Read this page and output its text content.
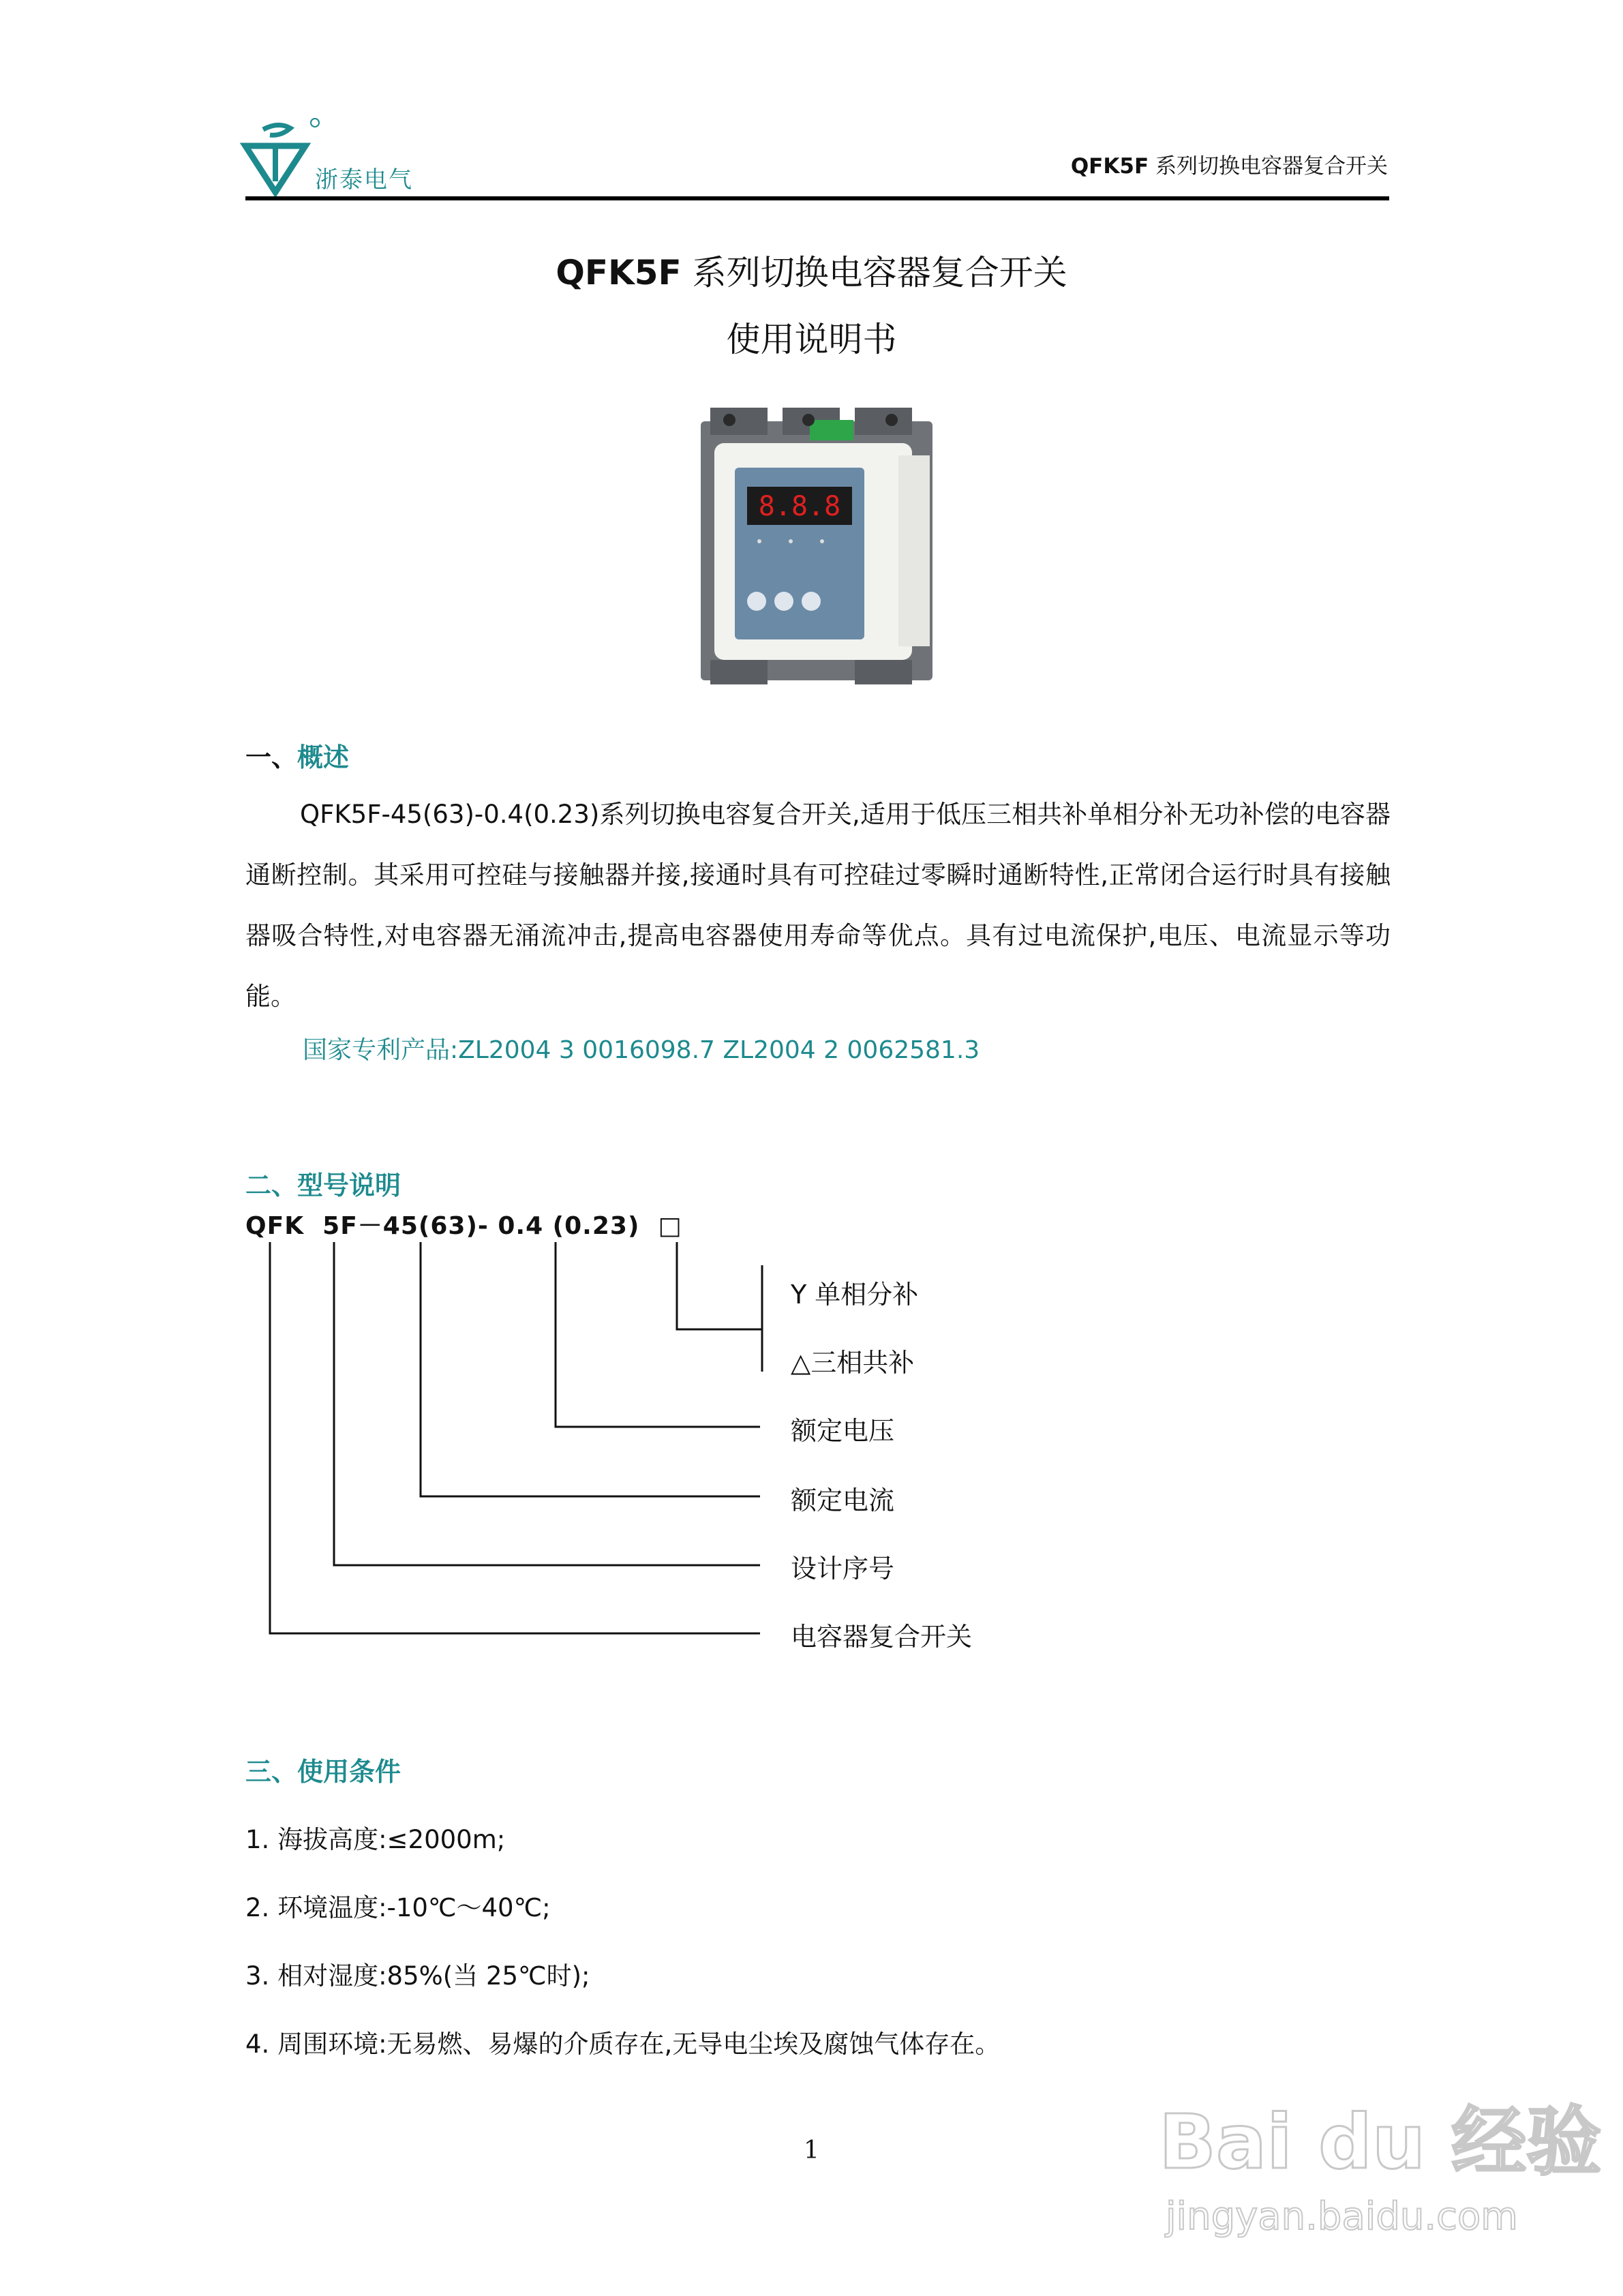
浙泰电气	QFK5F 系列切换电容器复合开关
QFK5F 系列切换电容器复合开关
使用说明书
8.8.8
一、概述

QFK5F-45(63)-0.4(0.23)系列切换电容复合开关,适用于低压三相共补单相分补无功补偿的电容器通断控制。其采用可控硅与接触器并接,接通时具有可控硅过零瞬时通断特性,正常闭合运行时具有接触器吸合特性,对电容器无涌流冲击,提高电容器使用寿命等优点。具有过电流保护,电压、电流显示等功能。

国家专利产品:ZL2004 3 0016098.7 ZL2004 2 0062581.3
二、型号说明
QFK  5F－45(63)- 0.4 (0.23)  □
Y 单相分补
△三相共补
额定电压
额定电流
设计序号
电容器复合开关
三、使用条件
1. 海拔高度:≤2000m;
2. 环境温度:-10℃～40℃;
3. 相对湿度:85%(当 25℃时);
4. 周围环境:无易燃、易爆的介质存在,无导电尘埃及腐蚀气体存在。
1	Bai du 经验
jingyan.baidu.com
